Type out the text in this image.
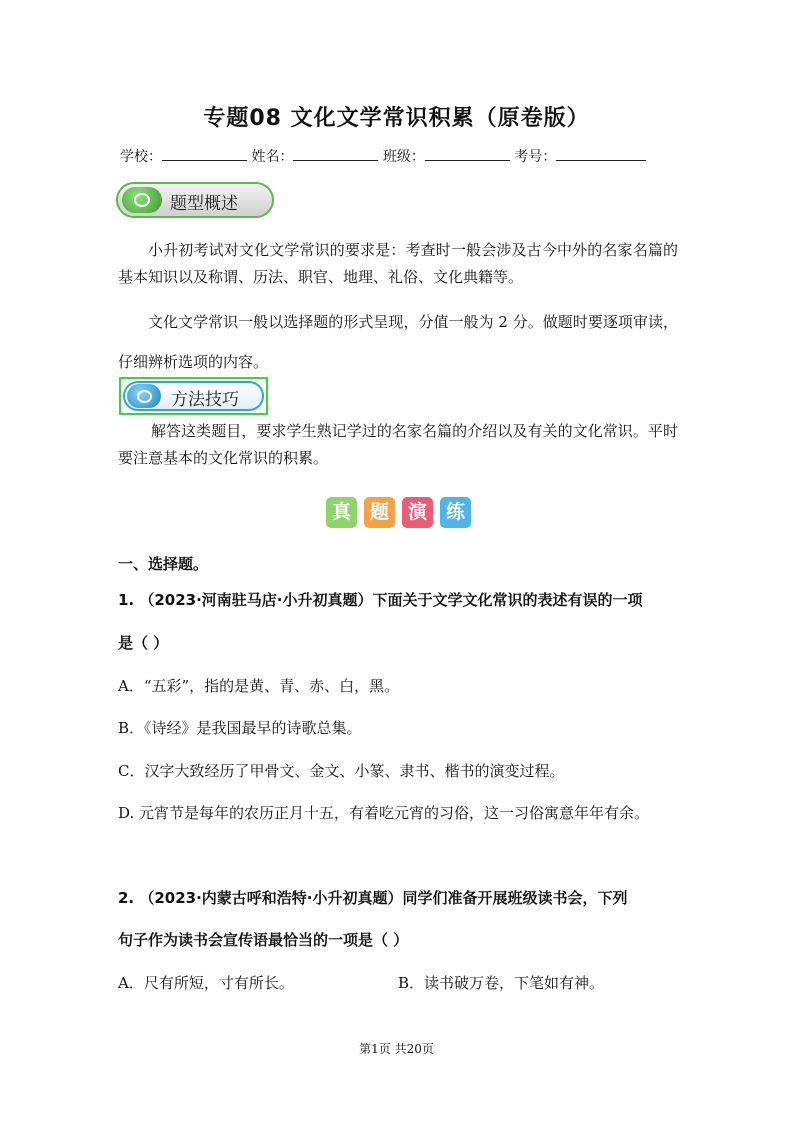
专题08 文化文学常识积累（原卷版）
学校：	姓名：	班级：	考号：
题型概述
小升初考试对文化文学常识的要求是：考查时一般会涉及古今中外的名家名篇的基本知识以及称谓、历法、职官、地理、礼俗、文化典籍等。
文化文学常识一般以选择题的形式呈现，分值一般为 2 分。做题时要逐项审读，仔细辨析选项的内容。
方法技巧
解答这类题目，要求学生熟记学过的名家名篇的介绍以及有关的文化常识。平时要注意基本的文化常识的积累。
真 题 演 练
一、选择题。
1. （2023·河南驻马店·小升初真题）下面关于文学文化常识的表述有误的一项
是（ ）
A．“五彩”，指的是黄、青、赤、白，黑。
B．《诗经》是我国最早的诗歌总集。
C．汉字大致经历了甲骨文、金文、小篆、隶书、楷书的演变过程。
D. 元宵节是每年的农历正月十五，有着吃元宵的习俗，这一习俗寓意年年有余。
2. （2023·内蒙古呼和浩特·小升初真题）同学们准备开展班级读书会，下列
句子作为读书会宣传语最恰当的一项是（ ）
A．尺有所短，寸有所长。	B．读书破万卷，下笔如有神。
第1页 共20页
